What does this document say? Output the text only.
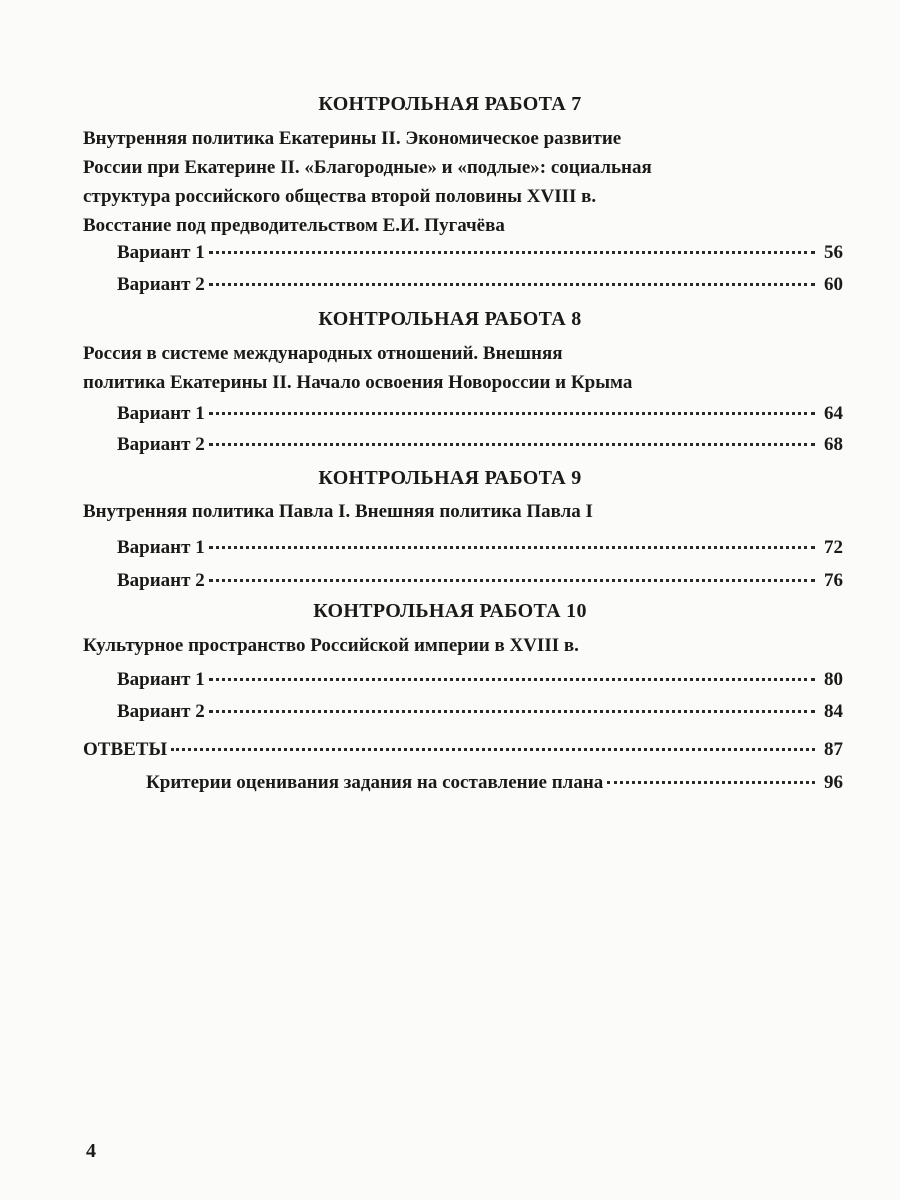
КОНТРОЛЬНАЯ РАБОТА 7
Внутренняя политика Екатерины II. Экономическое развитие
России при Екатерине II. «Благородные» и «подлые»: социальная
структура российского общества второй половины XVIII в.
Восстание под предводительством Е.И. Пугачёва
Вариант 1	56
Вариант 2	60
КОНТРОЛЬНАЯ РАБОТА 8
Россия в системе международных отношений. Внешняя
политика Екатерины II. Начало освоения Новороссии и Крыма
Вариант 1	64
Вариант 2	68
КОНТРОЛЬНАЯ РАБОТА 9
Внутренняя политика Павла I. Внешняя политика Павла I
Вариант 1	72
Вариант 2	76
КОНТРОЛЬНАЯ РАБОТА 10
Культурное пространство Российской империи в XVIII в.
Вариант 1	80
Вариант 2	84
ОТВЕТЫ	87
Критерии оценивания задания на составление плана	96
4
